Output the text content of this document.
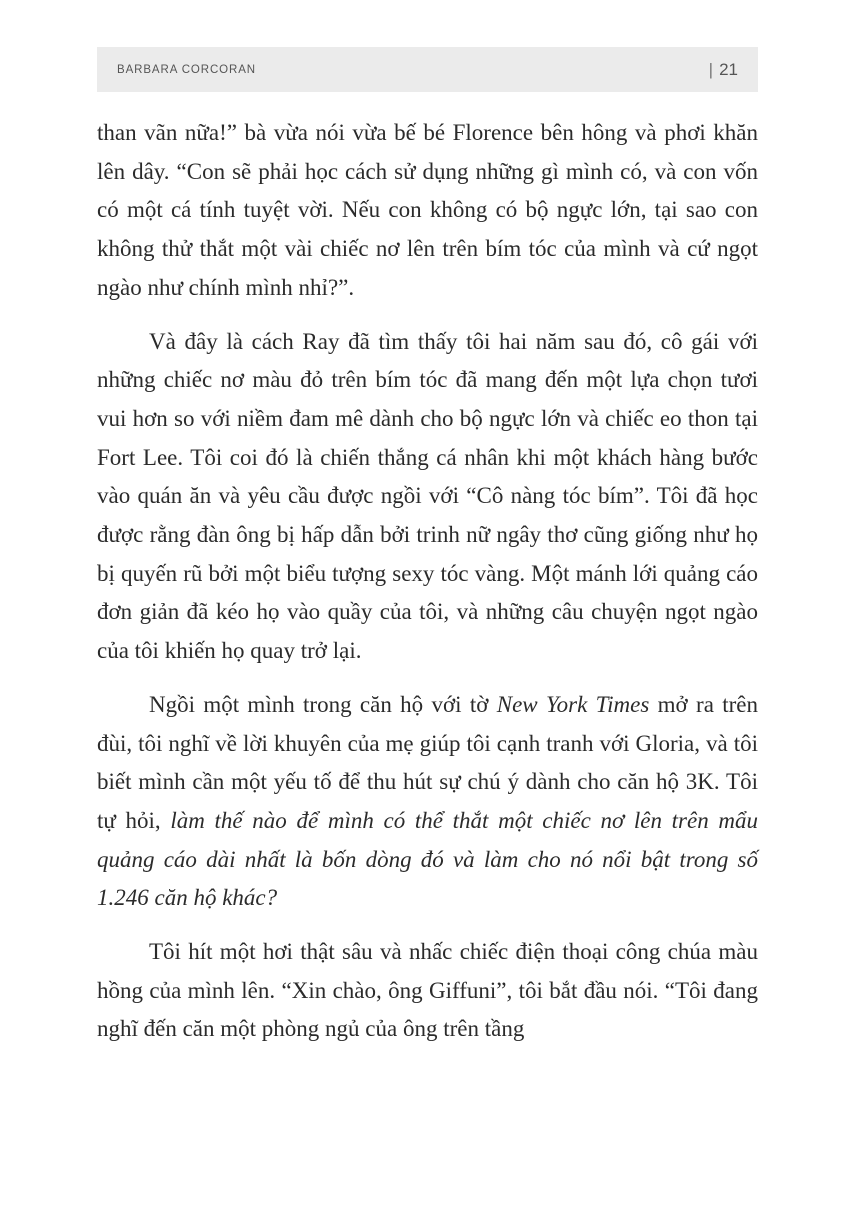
BARBARA CORCORAN	| 21

than vãn nữa!” bà vừa nói vừa bế bé Florence bên hông và phơi khăn lên dây. “Con sẽ phải học cách sử dụng những gì mình có, và con vốn có một cá tính tuyệt vời. Nếu con không có bộ ngực lớn, tại sao con không thử thắt một vài chiếc nơ lên trên bím tóc của mình và cứ ngọt ngào như chính mình nhỉ?”.

Và đây là cách Ray đã tìm thấy tôi hai năm sau đó, cô gái với những chiếc nơ màu đỏ trên bím tóc đã mang đến một lựa chọn tươi vui hơn so với niềm đam mê dành cho bộ ngực lớn và chiếc eo thon tại Fort Lee. Tôi coi đó là chiến thắng cá nhân khi một khách hàng bước vào quán ăn và yêu cầu được ngồi với “Cô nàng tóc bím”. Tôi đã học được rằng đàn ông bị hấp dẫn bởi trinh nữ ngây thơ cũng giống như họ bị quyến rũ bởi một biểu tượng sexy tóc vàng. Một mánh lới quảng cáo đơn giản đã kéo họ vào quầy của tôi, và những câu chuyện ngọt ngào của tôi khiến họ quay trở lại.

Ngồi một mình trong căn hộ với tờ New York Times mở ra trên đùi, tôi nghĩ về lời khuyên của mẹ giúp tôi cạnh tranh với Gloria, và tôi biết mình cần một yếu tố để thu hút sự chú ý dành cho căn hộ 3K. Tôi tự hỏi, làm thế nào để mình có thể thắt một chiếc nơ lên trên mẩu quảng cáo dài nhất là bốn dòng đó và làm cho nó nổi bật trong số 1.246 căn hộ khác?

Tôi hít một hơi thật sâu và nhấc chiếc điện thoại công chúa màu hồng của mình lên. “Xin chào, ông Giffuni”, tôi bắt đầu nói. “Tôi đang nghĩ đến căn một phòng ngủ của ông trên tầng
